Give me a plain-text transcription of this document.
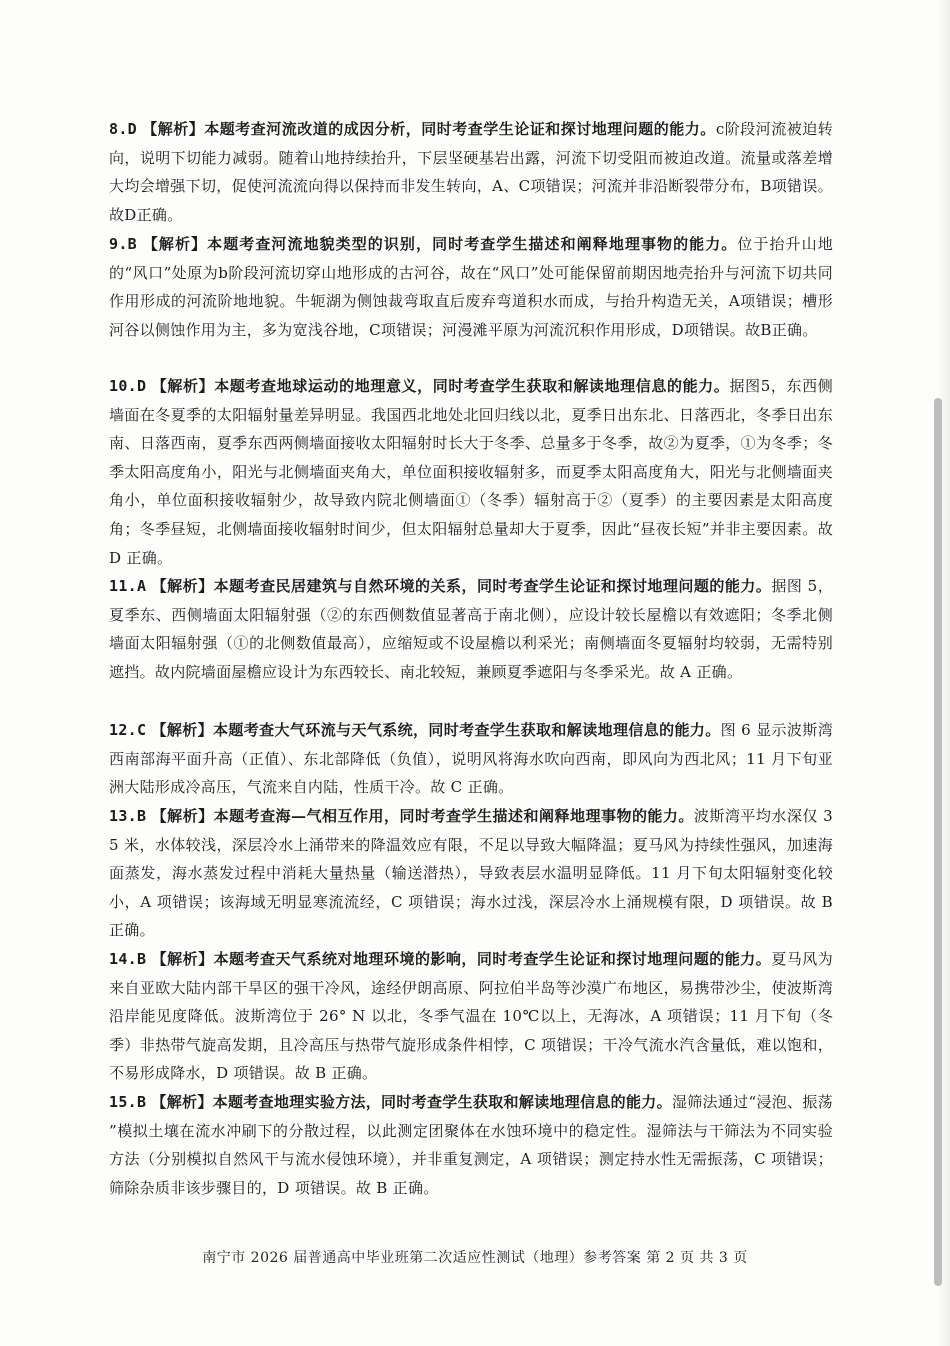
8.D 【解析】本题考查河流改道的成因分析，同时考查学生论证和探讨地理问题的能力。c阶段河流被迫转向，说明下切能力减弱。随着山地持续抬升，下层坚硬基岩出露，河流下切受阻而被迫改道。流量或落差增大均会增强下切，促使河流流向得以保持而非发生转向，A、C项错误；河流并非沿断裂带分布，B项错误。故D正确。
9.B 【解析】本题考查河流地貌类型的识别，同时考查学生描述和阐释地理事物的能力。位于抬升山地的“风口”处原为b阶段河流切穿山地形成的古河谷，故在“风口”处可能保留前期因地壳抬升与河流下切共同作用形成的河流阶地地貌。牛轭湖为侧蚀裁弯取直后废弃弯道积水而成，与抬升构造无关，A项错误；槽形河谷以侧蚀作用为主，多为宽浅谷地，C项错误；河漫滩平原为河流沉积作用形成，D项错误。故B正确。
10.D 【解析】本题考查地球运动的地理意义，同时考查学生获取和解读地理信息的能力。据图5，东西侧墙面在冬夏季的太阳辐射量差异明显。我国西北地处北回归线以北，夏季日出东北、日落西北，冬季日出东南、日落西南，夏季东西两侧墙面接收太阳辐射时长大于冬季、总量多于冬季，故②为夏季，①为冬季；冬季太阳高度角小，阳光与北侧墙面夹角大，单位面积接收辐射多，而夏季太阳高度角大，阳光与北侧墙面夹角小，单位面积接收辐射少，故导致内院北侧墙面①（冬季）辐射高于②（夏季）的主要因素是太阳高度角；冬季昼短，北侧墙面接收辐射时间少，但太阳辐射总量却大于夏季，因此“昼夜长短”并非主要因素。故 D 正确。
11.A 【解析】本题考查民居建筑与自然环境的关系，同时考查学生论证和探讨地理问题的能力。据图 5，夏季东、西侧墙面太阳辐射强（②的东西侧数值显著高于南北侧），应设计较长屋檐以有效遮阳；冬季北侧墙面太阳辐射强（①的北侧数值最高），应缩短或不设屋檐以利采光；南侧墙面冬夏辐射均较弱，无需特别遮挡。故内院墙面屋檐应设计为东西较长、南北较短，兼顾夏季遮阳与冬季采光。故 A 正确。
12.C 【解析】本题考查大气环流与天气系统，同时考查学生获取和解读地理信息的能力。图 6 显示波斯湾西南部海平面升高（正值）、东北部降低（负值），说明风将海水吹向西南，即风向为西北风；11 月下旬亚洲大陆形成冷高压，气流来自内陆，性质干冷。故 C 正确。
13.B 【解析】本题考查海—气相互作用，同时考查学生描述和阐释地理事物的能力。波斯湾平均水深仅 35 米，水体较浅，深层冷水上涌带来的降温效应有限，不足以导致大幅降温；夏马风为持续性强风，加速海面蒸发，海水蒸发过程中消耗大量热量（输送潜热），导致表层水温明显降低。11 月下旬太阳辐射变化较小，A 项错误；该海域无明显寒流流经，C 项错误；海水过浅，深层冷水上涌规模有限，D 项错误。故 B 正确。
14.B 【解析】本题考查天气系统对地理环境的影响，同时考查学生论证和探讨地理问题的能力。夏马风为来自亚欧大陆内部干旱区的强干冷风，途经伊朗高原、阿拉伯半岛等沙漠广布地区，易携带沙尘，使波斯湾沿岸能见度降低。波斯湾位于 26° N 以北，冬季气温在 10℃以上，无海冰，A 项错误；11 月下旬（冬季）非热带气旋高发期，且冷高压与热带气旋形成条件相悖，C 项错误；干冷气流水汽含量低，难以饱和，不易形成降水，D 项错误。故 B 正确。
15.B 【解析】本题考查地理实验方法，同时考查学生获取和解读地理信息的能力。湿筛法通过“浸泡、振荡 ”模拟土壤在流水冲刷下的分散过程，以此测定团聚体在水蚀环境中的稳定性。湿筛法与干筛法为不同实验方法（分别模拟自然风干与流水侵蚀环境），并非重复测定，A 项错误；测定持水性无需振荡，C 项错误；筛除杂质非该步骤目的，D 项错误。故 B 正确。
南宁市 2026 届普通高中毕业班第二次适应性测试（地理）参考答案 第 2 页 共 3 页
